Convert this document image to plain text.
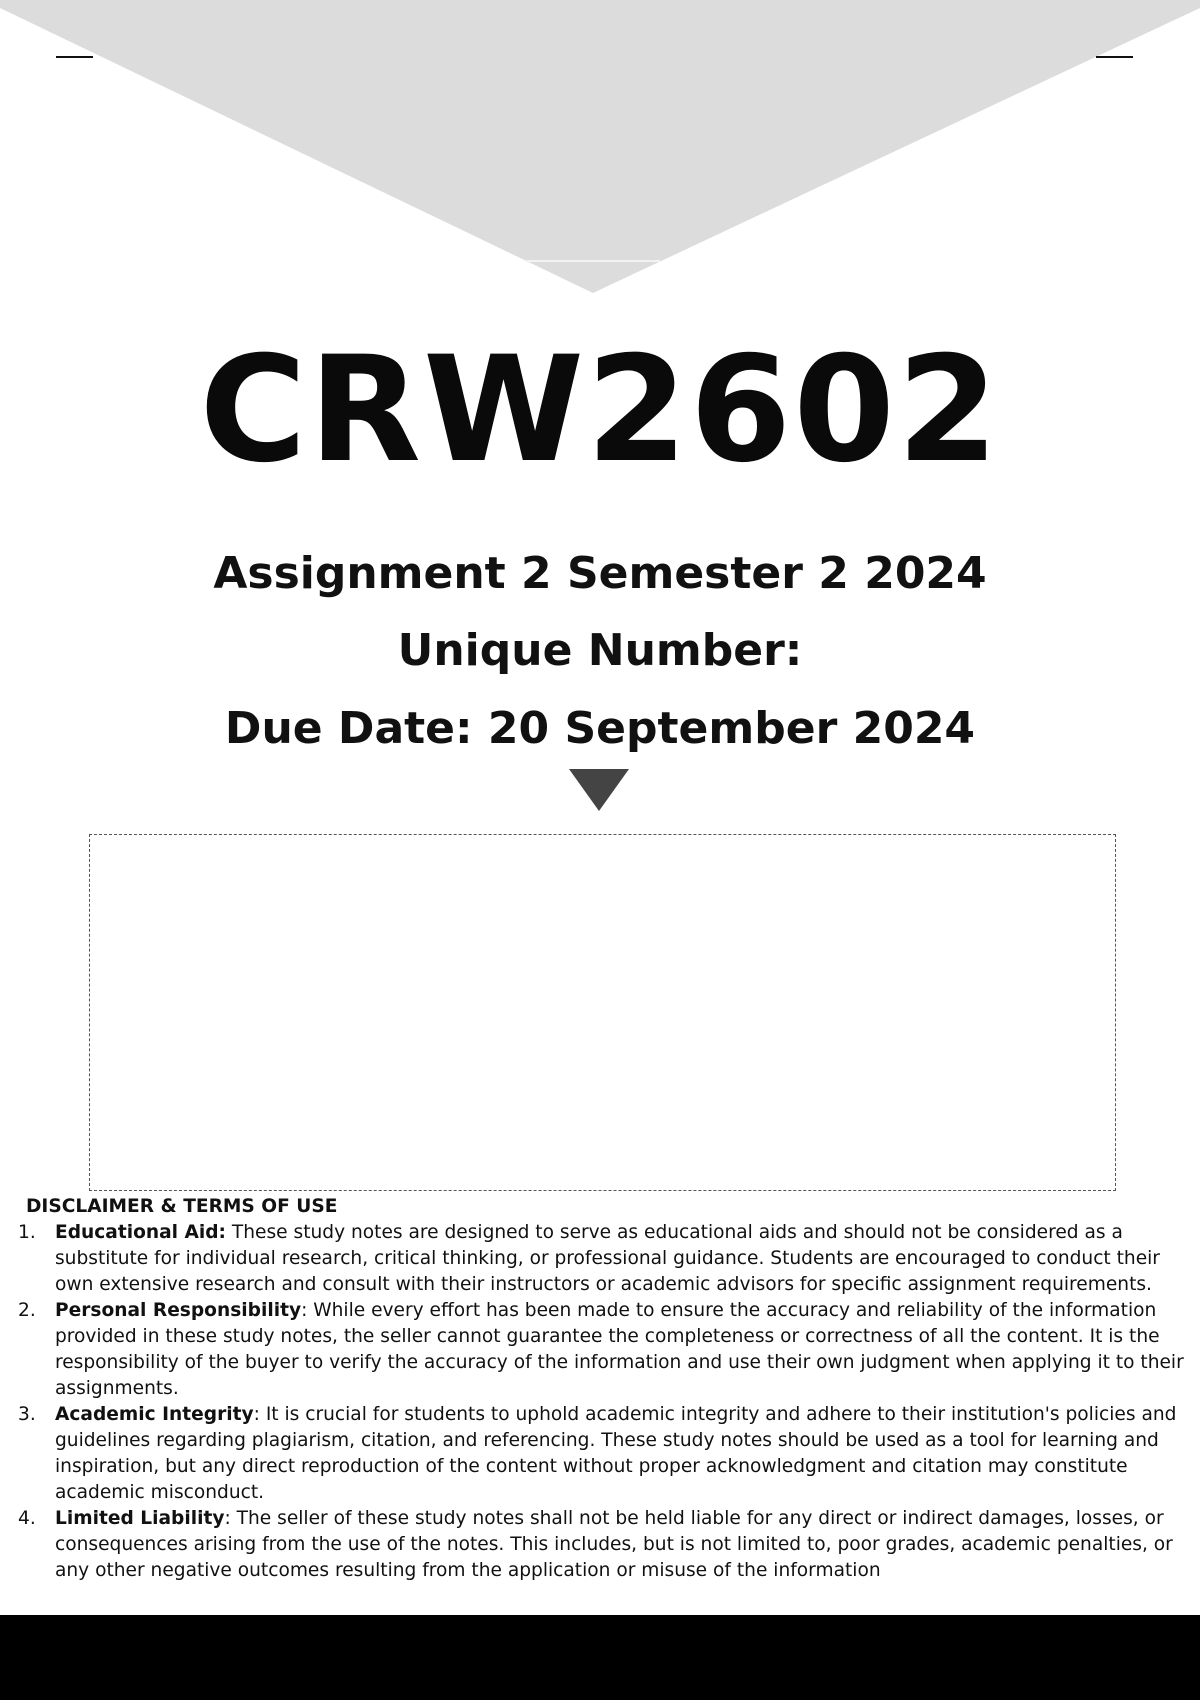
CRW2602
Assignment 2 Semester 2 2024
Unique Number:
Due Date: 20 September 2024
DISCLAIMER & TERMS OF USE
1. Educational Aid: These study notes are designed to serve as educational aids and should not be considered as a substitute for individual research, critical thinking, or professional guidance. Students are encouraged to conduct their own extensive research and consult with their instructors or academic advisors for specific assignment requirements.
2. Personal Responsibility: While every effort has been made to ensure the accuracy and reliability of the information provided in these study notes, the seller cannot guarantee the completeness or correctness of all the content. It is the responsibility of the buyer to verify the accuracy of the information and use their own judgment when applying it to their assignments.
3. Academic Integrity: It is crucial for students to uphold academic integrity and adhere to their institution's policies and guidelines regarding plagiarism, citation, and referencing. These study notes should be used as a tool for learning and inspiration, but any direct reproduction of the content without proper acknowledgment and citation may constitute academic misconduct.
4. Limited Liability: The seller of these study notes shall not be held liable for any direct or indirect damages, losses, or consequences arising from the use of the notes. This includes, but is not limited to, poor grades, academic penalties, or any other negative outcomes resulting from the application or misuse of the information
